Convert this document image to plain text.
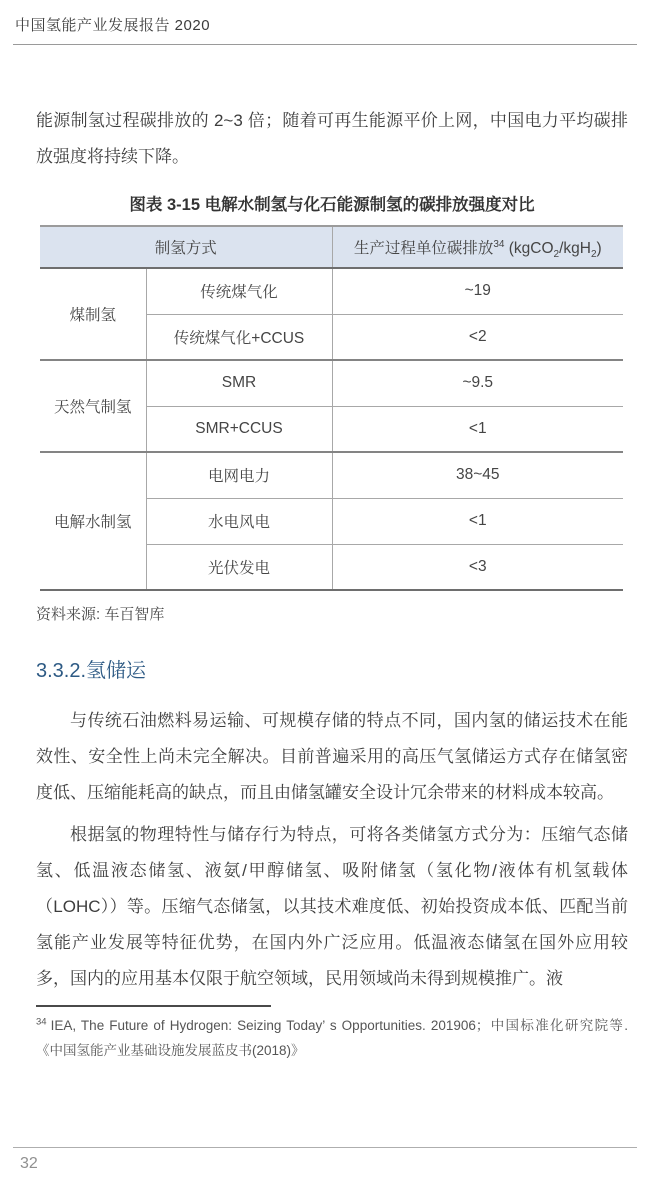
中国氢能产业发展报告 2020

能源制氢过程碳排放的 2~3 倍；随着可再生能源平价上网，中国电力平均碳排放强度将持续下降。

图表 3-15 电解水制氢与化石能源制氢的碳排放强度对比
制氢方式		生产过程单位碳排放$^{34}$ (kgCO$_2$/kgH$_2$)
煤制氢	传统煤气化	~19
	传统煤气化+CCUS	<2
天然气制氢	SMR	~9.5
	SMR+CCUS	<1
电解水制氢	电网电力	38~45
	水电风电	<1
	光伏发电	<3
资料来源: 车百智库
3.3.2.氢储运

与传统石油燃料易运输、可规模存储的特点不同，国内氢的储运技术在能效性、安全性上尚未完全解决。目前普遍采用的高压气氢储运方式存在储氢密度低、压缩能耗高的缺点，而且由储氢罐安全设计冗余带来的材料成本较高。

根据氢的物理特性与储存行为特点，可将各类储氢方式分为：压缩气态储氢、低温液态储氢、液氨/甲醇储氢、吸附储氢（氢化物/液体有机氢载体（LOHC））等。压缩气态储氢，以其技术难度低、初始投资成本低、匹配当前氢能产业发展等特征优势，在国内外广泛应用。低温液态储氢在国外应用较多，国内的应用基本仅限于航空领域，民用领域尚未得到规模推广。液

$^{34}$ IEA, The Future of Hydrogen: Seizing Today’ s Opportunities. 201906；中国标准化研究院等.《中国氢能产业基础设施发展蓝皮书(2018)》
32
